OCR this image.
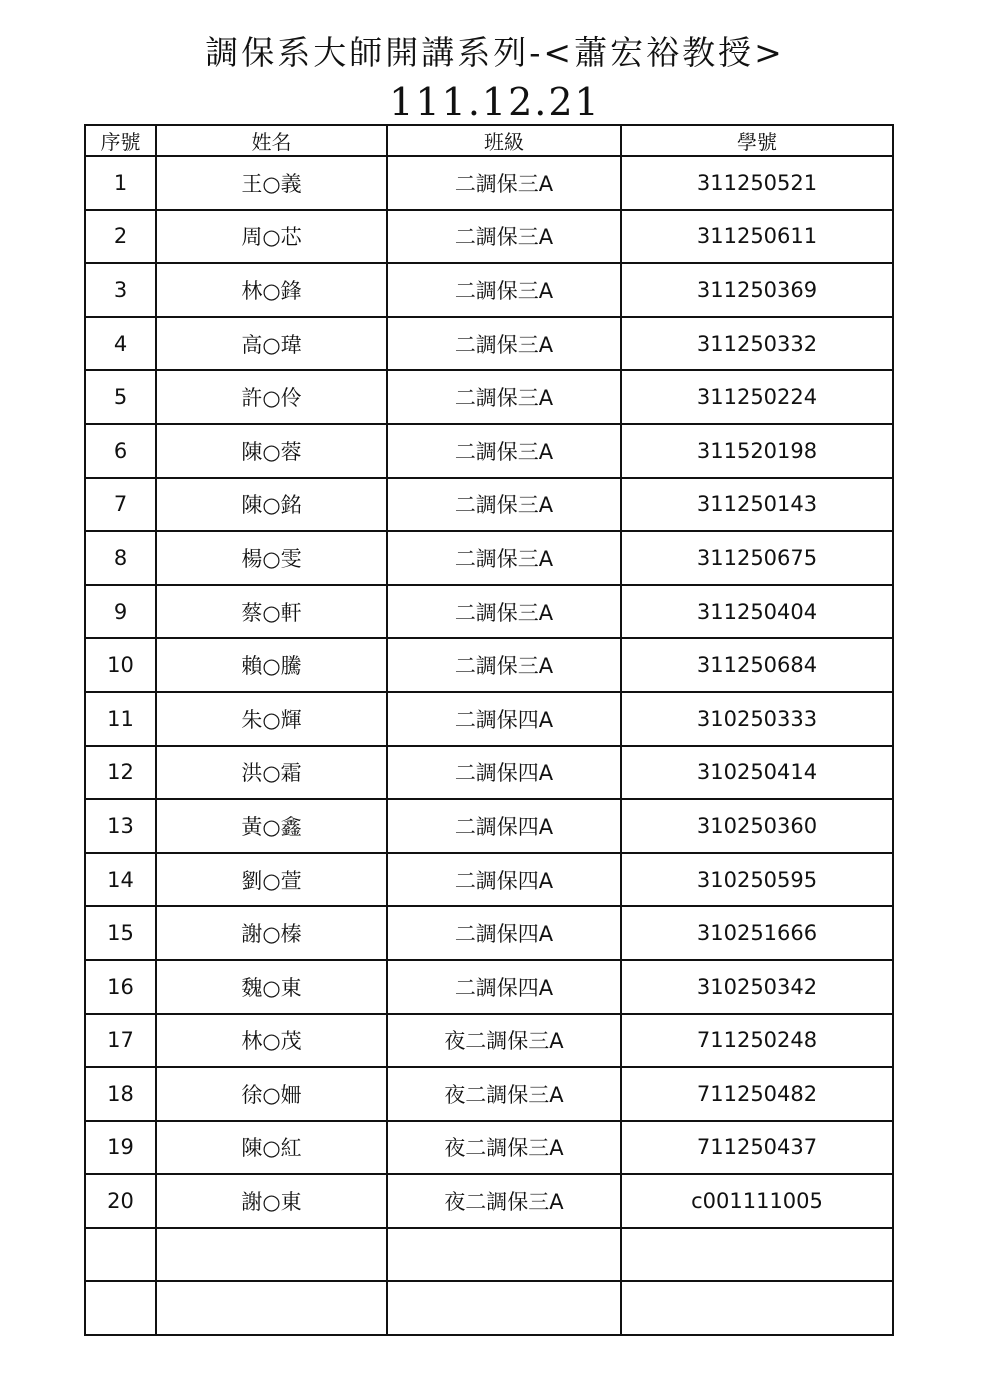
調保系大師開講系列-<蕭宏裕教授>
111.12.21
序號	姓名	班級	學號
1	王○義	二調保三A	311250521
2	周○芯	二調保三A	311250611
3	林○鋒	二調保三A	311250369
4	高○瑋	二調保三A	311250332
5	許○伶	二調保三A	311250224
6	陳○蓉	二調保三A	311520198
7	陳○銘	二調保三A	311250143
8	楊○雯	二調保三A	311250675
9	蔡○軒	二調保三A	311250404
10	賴○騰	二調保三A	311250684
11	朱○輝	二調保四A	310250333
12	洪○霜	二調保四A	310250414
13	黃○鑫	二調保四A	310250360
14	劉○萱	二調保四A	310250595
15	謝○榛	二調保四A	310251666
16	魏○東	二調保四A	310250342
17	林○茂	夜二調保三A	711250248
18	徐○姍	夜二調保三A	711250482
19	陳○紅	夜二調保三A	711250437
20	謝○東	夜二調保三A	c001111005
